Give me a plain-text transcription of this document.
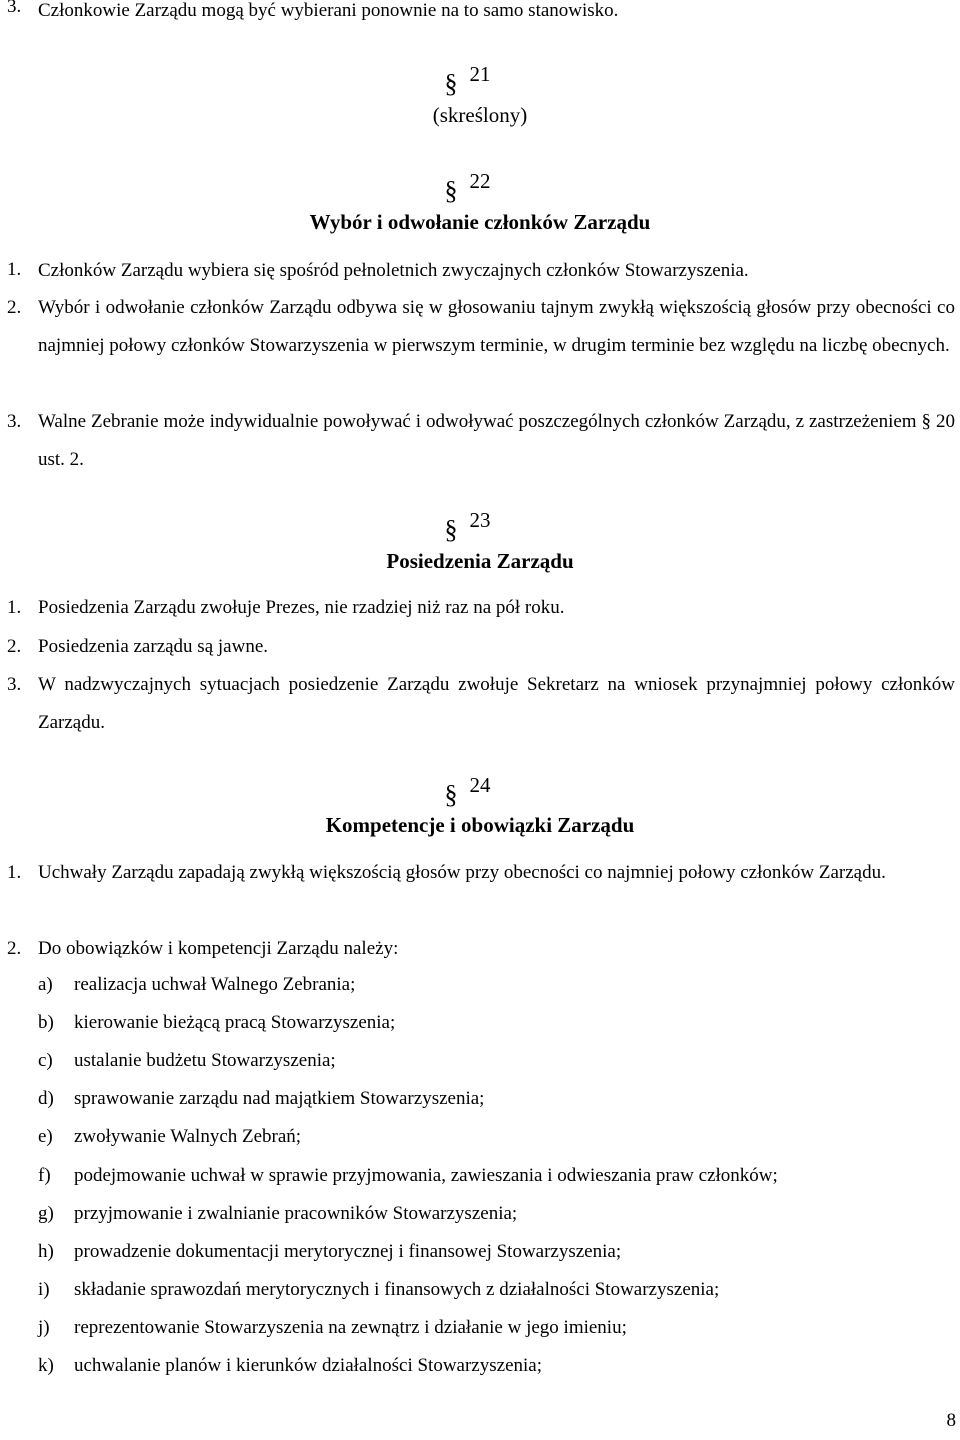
3. Członkowie Zarządu mogą być wybierani ponownie na to samo stanowisko.
§ 21
(skreślony)
§ 22
Wybór i odwołanie członków Zarządu
1. Członków Zarządu wybiera się spośród pełnoletnich zwyczajnych członków Stowarzyszenia.
2. Wybór i odwołanie członków Zarządu odbywa się w głosowaniu tajnym zwykłą większością głosów przy obecności co najmniej połowy członków Stowarzyszenia w pierwszym terminie, w drugim terminie bez względu na liczbę obecnych.
3. Walne Zebranie może indywidualnie powoływać i odwoływać poszczególnych członków Zarządu, z zastrzeżeniem § 20 ust. 2.
§ 23
Posiedzenia Zarządu
1. Posiedzenia Zarządu zwołuje Prezes, nie rzadziej niż raz na pół roku.
2. Posiedzenia zarządu są jawne.
3. W nadzwyczajnych sytuacjach posiedzenie Zarządu zwołuje Sekretarz na wniosek przynajmniej połowy członków Zarządu.
§ 24
Kompetencje i obowiązki Zarządu
1. Uchwały Zarządu zapadają zwykłą większością głosów przy obecności co najmniej połowy członków Zarządu.
2. Do obowiązków i kompetencji Zarządu należy:
a) realizacja uchwał Walnego Zebrania;
b) kierowanie bieżącą pracą Stowarzyszenia;
c) ustalanie budżetu Stowarzyszenia;
d) sprawowanie zarządu nad majątkiem Stowarzyszenia;
e) zwoływanie Walnych Zebrań;
f) podejmowanie uchwał w sprawie przyjmowania, zawieszania i odwieszania praw członków;
g) przyjmowanie i zwalnianie pracowników Stowarzyszenia;
h) prowadzenie dokumentacji merytorycznej i finansowej Stowarzyszenia;
i) składanie sprawozdań merytorycznych i finansowych z działalności Stowarzyszenia;
j) reprezentowanie Stowarzyszenia na zewnątrz i działanie w jego imieniu;
k) uchwalanie planów i kierunków działalności Stowarzyszenia;
8
